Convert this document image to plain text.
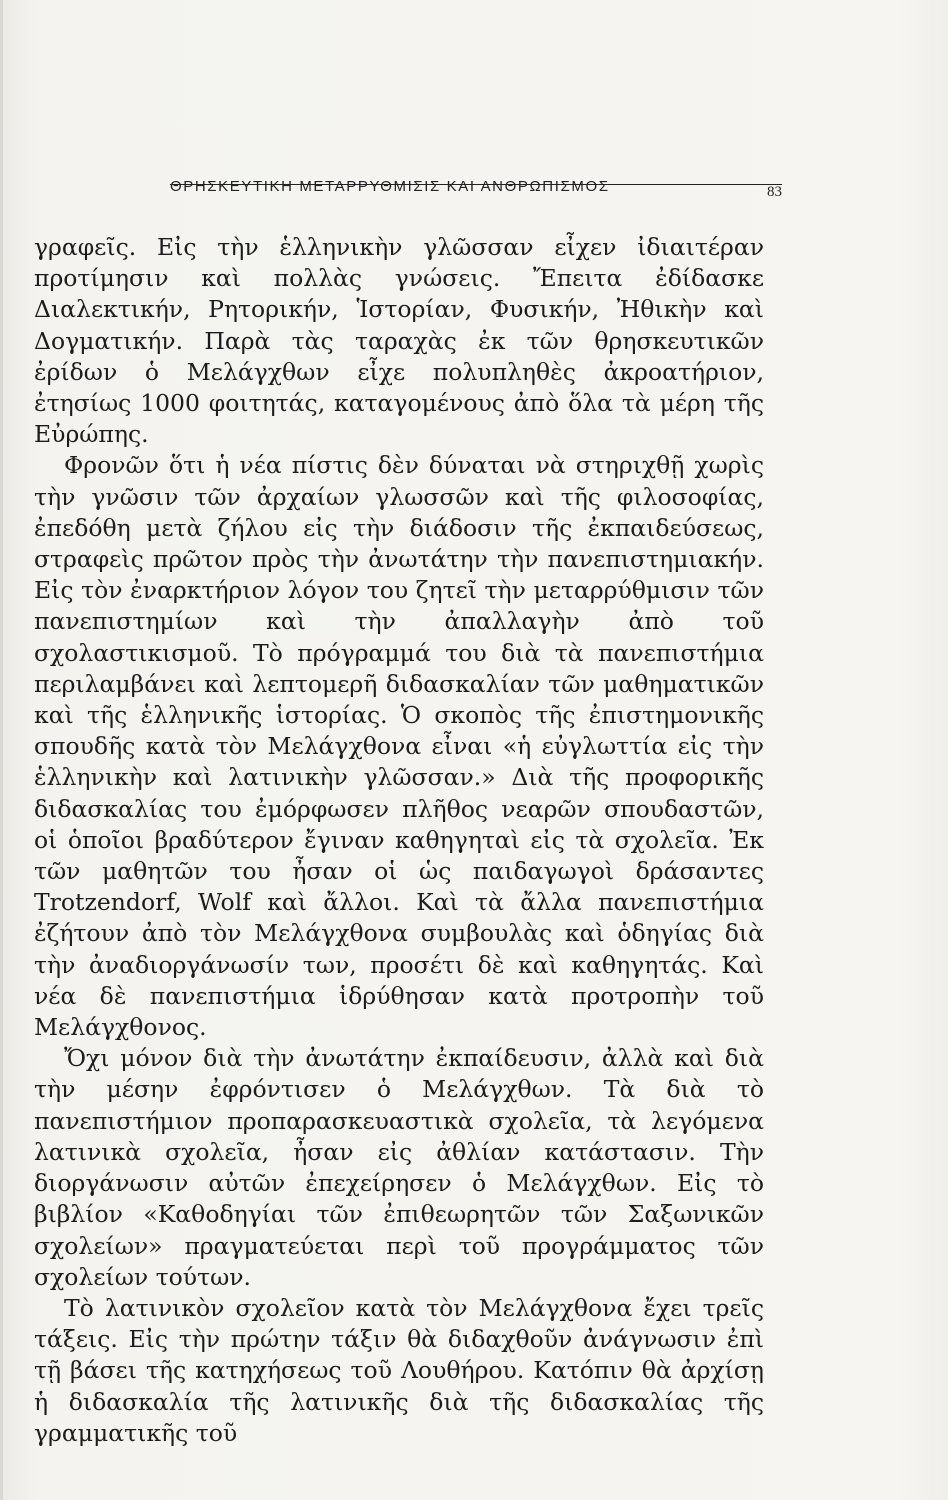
ΘΡΗΣΚΕΥΤΙΚΗ ΜΕΤΑΡΡΥΘΜΙΣΙΣ ΚΑΙ ΑΝΘΡΩΠΙΣΜΟΣ	83

γραφεῖς. Εἰς τὴν ἑλληνικὴν γλῶσσαν εἶχεν ἰδιαιτέραν προτίμησιν καὶ πολλὰς γνώσεις. Ἔπειτα ἐδίδασκε Διαλεκτικήν, Ρητορικήν, Ἱστορίαν, Φυσικήν, Ἠθικὴν καὶ Δογματικήν. Παρὰ τὰς ταραχὰς ἐκ τῶν θρησκευτικῶν ἐρίδων ὁ Μελάγχθων εἶχε πολυπληθὲς ἀκροατήριον, ἐτησίως 1000 φοιτητάς, καταγομένους ἀπὸ ὅλα τὰ μέρη τῆς Εὐρώπης.

Φρονῶν ὅτι ἡ νέα πίστις δὲν δύναται νὰ στηριχθῇ χωρὶς τὴν γνῶσιν τῶν ἀρχαίων γλωσσῶν καὶ τῆς φιλοσοφίας, ἐπεδόθη μετὰ ζήλου εἰς τὴν διάδοσιν τῆς ἐκπαιδεύσεως, στραφεὶς πρῶτον πρὸς τὴν ἀνωτάτην τὴν πανεπιστημιακήν. Εἰς τὸν ἐναρκτήριον λόγον του ζητεῖ τὴν μεταρρύθμισιν τῶν πανεπιστημίων καὶ τὴν ἀπαλλαγὴν ἀπὸ τοῦ σχολαστικισμοῦ. Τὸ πρόγραμμά του διὰ τὰ πανεπιστήμια περιλαμβάνει καὶ λεπτομερῆ διδασκαλίαν τῶν μαθηματικῶν καὶ τῆς ἑλληνικῆς ἱστορίας. Ὁ σκοπὸς τῆς ἐπιστημονικῆς σπουδῆς κατὰ τὸν Μελάγχθονα εἶναι «ἡ εὐγλωττία εἰς τὴν ἑλληνικὴν καὶ λατινικὴν γλῶσσαν.» Διὰ τῆς προφορικῆς διδασκαλίας του ἐμόρφωσεν πλῆθος νεαρῶν σπουδαστῶν, οἱ ὁποῖοι βραδύτερον ἔγιναν καθηγηταὶ εἰς τὰ σχολεῖα. Ἐκ τῶν μαθητῶν του ἦσαν οἱ ὡς παιδαγωγοὶ δράσαντες Trotzendorf, Wolf καὶ ἄλλοι. Καὶ τὰ ἄλλα πανεπιστήμια ἐζήτουν ἀπὸ τὸν Μελάγχθονα συμβουλὰς καὶ ὁδηγίας διὰ τὴν ἀναδιοργάνωσίν των, προσέτι δὲ καὶ καθηγητάς. Καὶ νέα δὲ πανεπιστήμια ἱδρύθησαν κατὰ προτροπὴν τοῦ Μελάγχθονος.

Ὄχι μόνον διὰ τὴν ἀνωτάτην ἐκπαίδευσιν, ἀλλὰ καὶ διὰ τὴν μέσην ἐφρόντισεν ὁ Μελάγχθων. Τὰ διὰ τὸ πανεπιστήμιον προπαρασκευαστικὰ σχολεῖα, τὰ λεγόμενα λατινικὰ σχολεῖα, ἦσαν εἰς ἀθλίαν κατάστασιν. Τὴν διοργάνωσιν αὐτῶν ἐπεχείρησεν ὁ Μελάγχθων. Εἰς τὸ βιβλίον «Καθοδηγίαι τῶν ἐπιθεωρητῶν τῶν Σαξωνικῶν σχολείων» πραγματεύεται περὶ τοῦ προγράμματος τῶν σχολείων τούτων.

Τὸ λατινικὸν σχολεῖον κατὰ τὸν Μελάγχθονα ἔχει τρεῖς τάξεις. Εἰς τὴν πρώτην τάξιν θὰ διδαχθοῦν ἀνάγνωσιν ἐπὶ τῇ βάσει τῆς κατηχήσεως τοῦ Λουθήρου. Κατόπιν θὰ ἀρχίσῃ ἡ διδασκαλία τῆς λατινικῆς διὰ τῆς διδασκαλίας τῆς γραμματικῆς τοῦ
